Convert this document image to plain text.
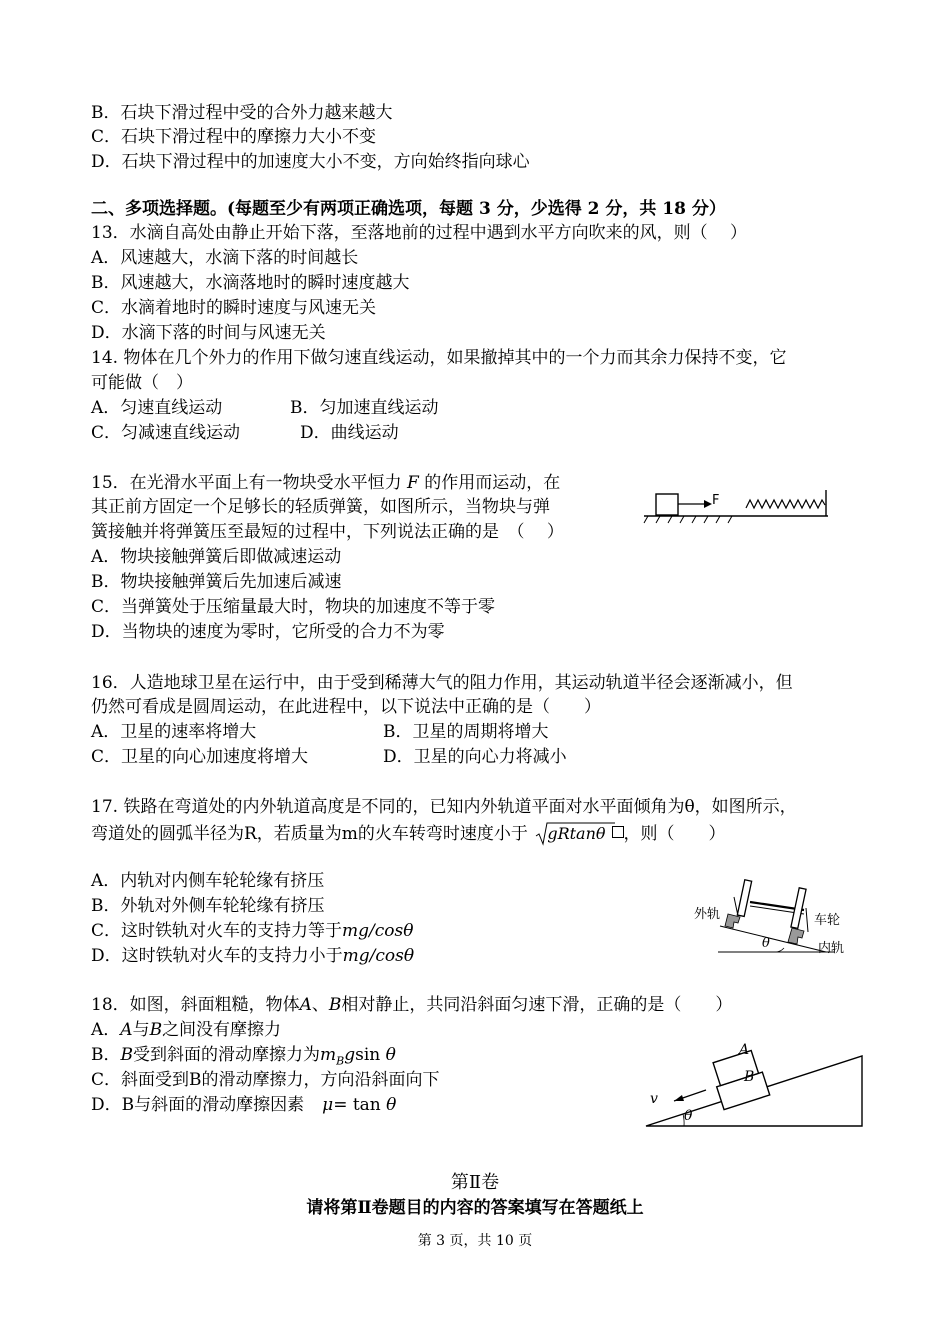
B．石块下滑过程中受的合外力越来越大
C．石块下滑过程中的摩擦力大小不变
D．石块下滑过程中的加速度大小不变，方向始终指向球心
二、多项选择题。(每题至少有两项正确选项，每题 3 分，少选得 2 分，共 18 分）
13．水滴自高处由静止开始下落，至落地前的过程中遇到水平方向吹来的风，则（　 ）
A．风速越大，水滴下落的时间越长
B．风速越大，水滴落地时的瞬时速度越大
C．水滴着地时的瞬时速度与风速无关
D．水滴下落的时间与风速无关
14. 物体在几个外力的作用下做匀速直线运动，如果撤掉其中的一个力而其余力保持不变，它
可能做（　）
A．匀速直线运动	B．匀加速直线运动
C．匀减速直线运动	D．曲线运动
15．在光滑水平面上有一物块受水平恒力 F 的作用而运动，在
其正前方固定一个足够长的轻质弹簧，如图所示，当物块与弹
簧接触并将弹簧压至最短的过程中，下列说法正确的是　（　 ）
A．物块接触弹簧后即做减速运动
B．物块接触弹簧后先加速后减速
C．当弹簧处于压缩量最大时，物块的加速度不等于零
D．当物块的速度为零时，它所受的合力不为零
F
16．人造地球卫星在运行中，由于受到稀薄大气的阻力作用，其运动轨道半径会逐渐减小，但
仍然可看成是圆周运动，在此进程中，以下说法中正确的是（　　）
A．卫星的速率将增大	B．卫星的周期将增大
C．卫星的向心加速度将增大	D．卫星的向心力将减小
17. 铁路在弯道处的内外轨道高度是不同的，已知内外轨道平面对水平面倾角为θ，如图所示，
弯道处的圆弧半径为R，若质量为m的火车转弯时速度小于 gRtanθ ，则（　　）
A．内轨对内侧车轮轮缘有挤压
B．外轨对外侧车轮轮缘有挤压
C．这时铁轨对火车的支持力等于mg/cosθ
D．这时铁轨对火车的支持力小于mg/cosθ
外轨	车轮
内轨
θ
18．如图，斜面粗糙，物体A、B相对静止，共同沿斜面匀速下滑，正确的是（　　）
A．A与B之间没有摩擦力
B．B受到斜面的滑动摩擦力为$m_Bgsin$ θ
C．斜面受到B的滑动摩擦力，方向沿斜面向下
D．B与斜面的滑动摩擦因素 μ= tan θ
A
B
v
θ
第Ⅱ卷
请将第Ⅱ卷题目的内容的答案填写在答题纸上
第 3 页，共 10 页
